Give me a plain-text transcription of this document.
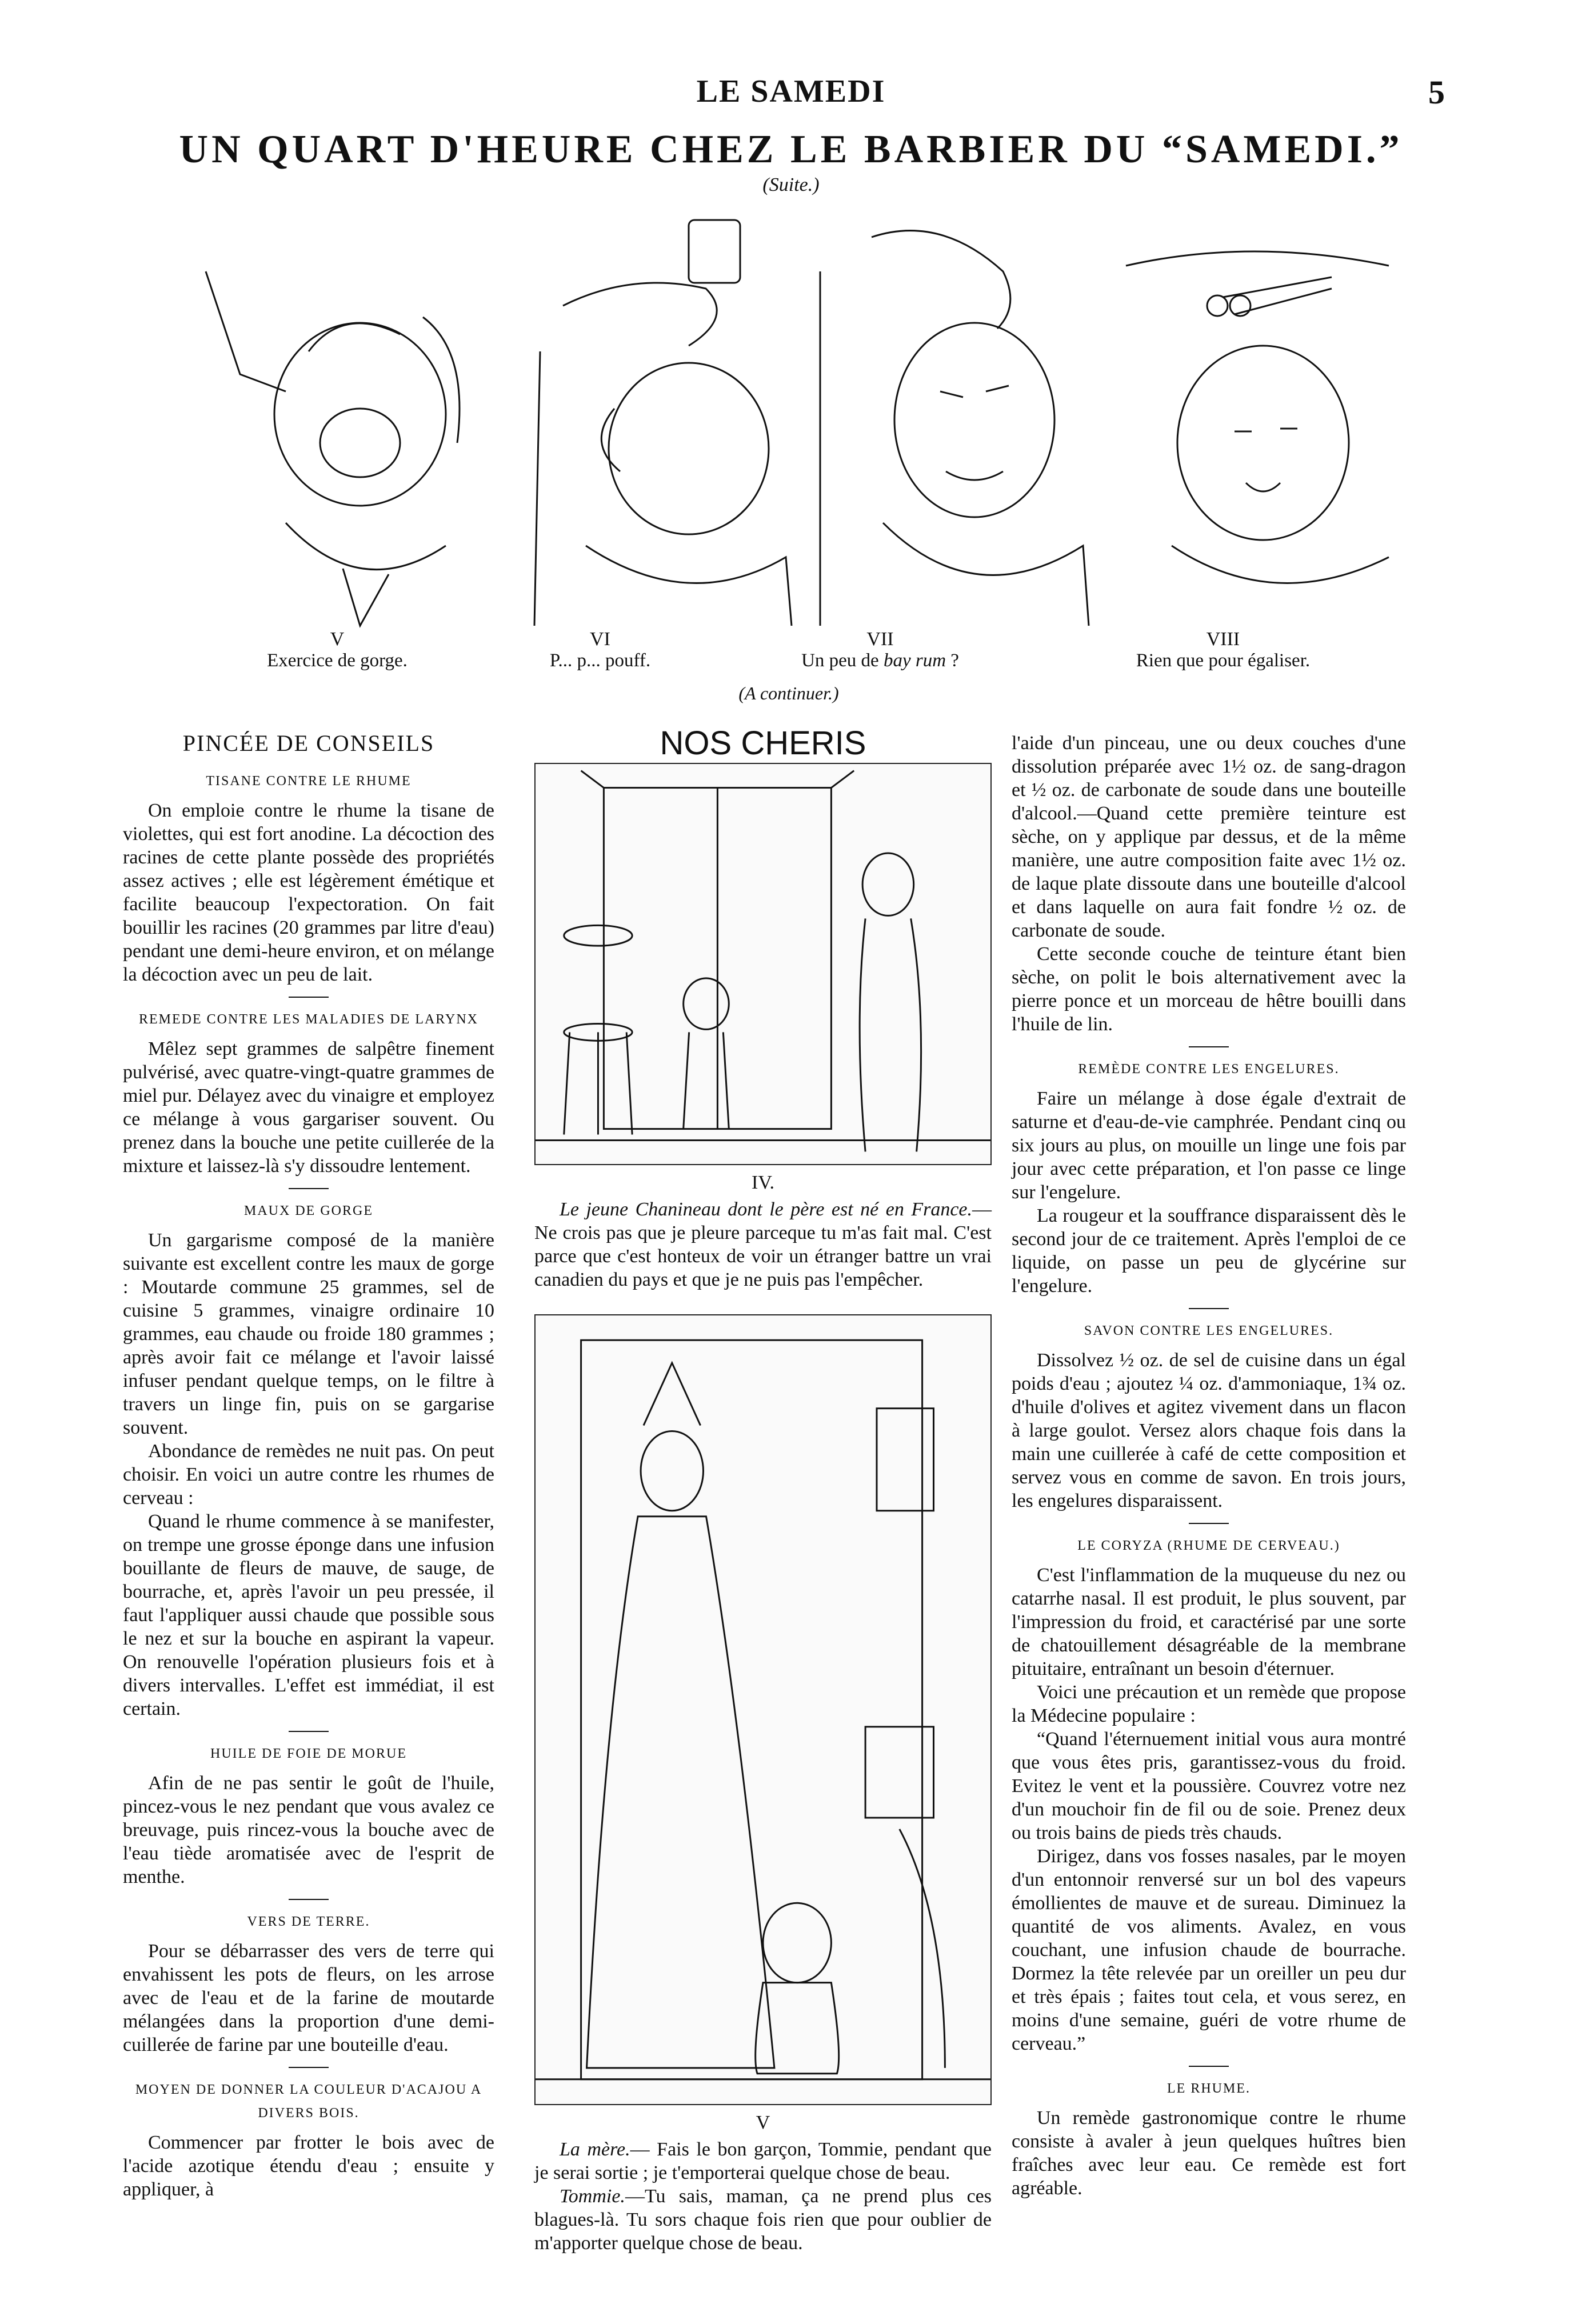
LE SAMEDI	5
UN QUART D'HEURE CHEZ LE BARBIER DU “SAMEDI.”
(Suite.)
V
Exercice de gorge.
VI
P... p... pouff.
VII
Un peu de bay rum ?
VIII
Rien que pour égaliser.
(A continuer.)
PINCÉE DE CONSEILS
TISANE CONTRE LE RHUME

On emploie contre le rhume la tisane de violettes, qui est fort anodine. La décoction des racines de cette plante possède des propriétés assez actives ; elle est légèrement émétique et facilite beaucoup l'expectoration. On fait bouillir les racines (20 grammes par litre d'eau) pendant une demi-heure environ, et on mélange la décoction avec un peu de lait.

REMEDE CONTRE LES MALADIES DE LARYNX

Mêlez sept grammes de salpêtre finement pulvérisé, avec quatre-vingt-quatre grammes de miel pur. Délayez avec du vinaigre et employez ce mélange à vous gargariser souvent. Ou prenez dans la bouche une petite cuillerée de la mixture et laissez-là s'y dissoudre lentement.

MAUX DE GORGE

Un gargarisme composé de la manière suivante est excellent contre les maux de gorge : Moutarde commune 25 grammes, sel de cuisine 5 grammes, vinaigre ordinaire 10 grammes, eau chaude ou froide 180 grammes ; après avoir fait ce mélange et l'avoir laissé infuser pendant quelque temps, on le filtre à travers un linge fin, puis on se gargarise souvent.

Abondance de remèdes ne nuit pas. On peut choisir. En voici un autre contre les rhumes de cerveau :

Quand le rhume commence à se manifester, on trempe une grosse éponge dans une infusion bouillante de fleurs de mauve, de sauge, de bourrache, et, après l'avoir un peu pressée, il faut l'appliquer aussi chaude que possible sous le nez et sur la bouche en aspirant la vapeur. On renouvelle l'opération plusieurs fois et à divers intervalles. L'effet est immédiat, il est certain.

HUILE DE FOIE DE MORUE

Afin de ne pas sentir le goût de l'huile, pincez-vous le nez pendant que vous avalez ce breuvage, puis rincez-vous la bouche avec de l'eau tiède aromatisée avec de l'esprit de menthe.

VERS DE TERRE.

Pour se débarrasser des vers de terre qui envahissent les pots de fleurs, on les arrose avec de l'eau et de la farine de moutarde mélangées dans la proportion d'une demi-cuillerée de farine par une bouteille d'eau.

MOYEN DE DONNER LA COULEUR D'ACAJOU A DIVERS BOIS.

Commencer par frotter le bois avec de l'acide azotique étendu d'eau ; ensuite y appliquer, à

NOS CHERIS
IV.

Le jeune Chanineau dont le père est né en France.—Ne crois pas que je pleure parceque tu m'as fait mal. C'est parce que c'est honteux de voir un étranger battre un vrai canadien du pays et que je ne puis pas l'empêcher.

V

La mère.— Fais le bon garçon, Tommie, pendant que je serai sortie ; je t'emporterai quelque chose de beau.

Tommie.—Tu sais, maman, ça ne prend plus ces blagues-là. Tu sors chaque fois rien que pour oublier de m'apporter quelque chose de beau.

l'aide d'un pinceau, une ou deux couches d'une dissolution préparée avec 1½ oz. de sang-dragon et ½ oz. de carbonate de soude dans une bouteille d'alcool.—Quand cette première teinture est sèche, on y applique par dessus, et de la même manière, une autre composition faite avec 1½ oz. de laque plate dissoute dans une bouteille d'alcool et dans laquelle on aura fait fondre ½ oz. de carbonate de soude.

Cette seconde couche de teinture étant bien sèche, on polit le bois alternativement avec la pierre ponce et un morceau de hêtre bouilli dans l'huile de lin.

REMÈDE CONTRE LES ENGELURES.

Faire un mélange à dose égale d'extrait de saturne et d'eau-de-vie camphrée. Pendant cinq ou six jours au plus, on mouille un linge une fois par jour avec cette préparation, et l'on passe ce linge sur l'engelure.

La rougeur et la souffrance disparaissent dès le second jour de ce traitement. Après l'emploi de ce liquide, on passe un peu de glycérine sur l'engelure.

SAVON CONTRE LES ENGELURES.

Dissolvez ½ oz. de sel de cuisine dans un égal poids d'eau ; ajoutez ¼ oz. d'ammoniaque, 1¾ oz. d'huile d'olives et agitez vivement dans un flacon à large goulot. Versez alors chaque fois dans la main une cuillerée à café de cette composition et servez vous en comme de savon. En trois jours, les engelures disparaissent.

LE CORYZA (RHUME DE CERVEAU.)

C'est l'inflammation de la muqueuse du nez ou catarrhe nasal. Il est produit, le plus souvent, par l'impression du froid, et caractérisé par une sorte de chatouillement désagréable de la membrane pituitaire, entraînant un besoin d'éternuer.

Voici une précaution et un remède que propose la Médecine populaire :

“Quand l'éternuement initial vous aura montré que vous êtes pris, garantissez-vous du froid. Evitez le vent et la poussière. Couvrez votre nez d'un mouchoir fin de fil ou de soie. Prenez deux ou trois bains de pieds très chauds.

Dirigez, dans vos fosses nasales, par le moyen d'un entonnoir renversé sur un bol des vapeurs émollientes de mauve et de sureau. Diminuez la quantité de vos aliments. Avalez, en vous couchant, une infusion chaude de bourrache. Dormez la tête relevée par un oreiller un peu dur et très épais ; faites tout cela, et vous serez, en moins d'une semaine, guéri de votre rhume de cerveau.”

LE RHUME.

Un remède gastronomique contre le rhume consiste à avaler à jeun quelques huîtres bien fraîches avec leur eau. Ce remède est fort agréable.
